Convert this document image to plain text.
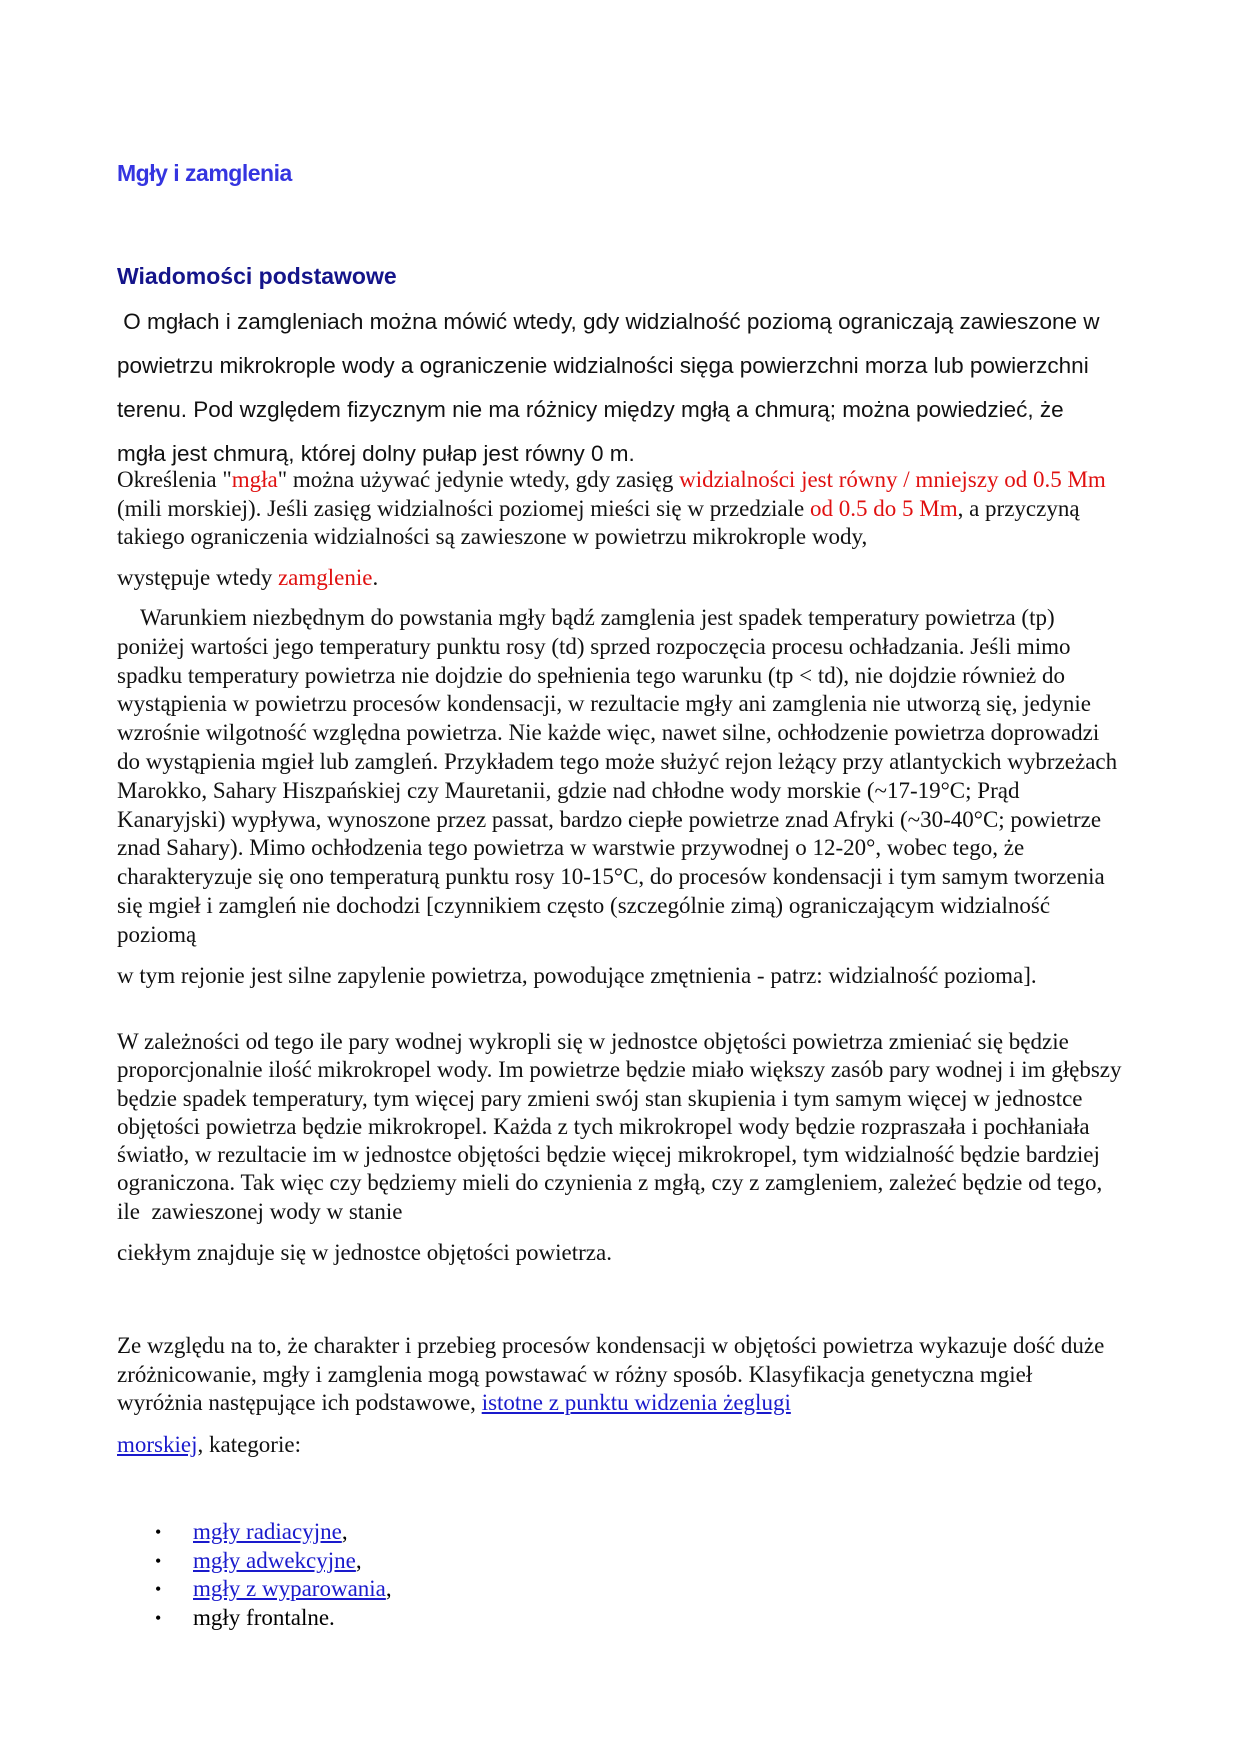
Mgły i zamglenia
Wiadomości podstawowe

O mgłach i zamgleniach można mówić wtedy, gdy widzialność poziomą ograniczają zawieszone w powietrzu mikrokrople wody a ograniczenie widzialności sięga powierzchni morza lub powierzchni terenu. Pod względem fizycznym nie ma różnicy między mgłą a chmurą; można powiedzieć, że mgła jest chmurą, której dolny pułap jest równy 0 m.

Określenia "mgła" można używać jedynie wtedy, gdy zasięg widzialności jest równy / mniejszy od 0.5 Mm (mili morskiej). Jeśli zasięg widzialności poziomej mieści się w przedziale od 0.5 do 5 Mm, a przyczyną takiego ograniczenia widzialności są zawieszone w powietrzu mikrokrople wody,
występuje wtedy zamglenie.

Warunkiem niezbędnym do powstania mgły bądź zamglenia jest spadek temperatury powietrza (tp) poniżej wartości jego temperatury punktu rosy (td) sprzed rozpoczęcia procesu ochładzania. Jeśli mimo spadku temperatury powietrza nie dojdzie do spełnienia tego warunku (tp < td), nie dojdzie również do wystąpienia w powietrzu procesów kondensacji, w rezultacie mgły ani zamglenia nie utworzą się, jedynie wzrośnie wilgotność względna powietrza. Nie każde więc, nawet silne, ochłodzenie powietrza doprowadzi do wystąpienia mgieł lub zamgleń. Przykładem tego może służyć rejon leżący przy atlantyckich wybrzeżach Marokko, Sahary Hiszpańskiej czy Mauretanii, gdzie nad chłodne wody morskie (~17-19°C; Prąd Kanaryjski) wypływa, wynoszone przez passat, bardzo ciepłe powietrze znad Afryki (~30-40°C; powietrze znad Sahary). Mimo ochłodzenia tego powietrza w warstwie przywodnej o 12-20°, wobec tego, że charakteryzuje się ono temperaturą punktu rosy 10-15°C, do procesów kondensacji i tym samym tworzenia się mgieł i zamgleń nie dochodzi [czynnikiem często (szczególnie zimą) ograniczającym widzialność poziomą
w tym rejonie jest silne zapylenie powietrza, powodujące zmętnienia - patrz: widzialność pozioma].

W zależności od tego ile pary wodnej wykropli się w jednostce objętości powietrza zmieniać się będzie proporcjonalnie ilość mikrokropel wody. Im powietrze będzie miało większy zasób pary wodnej i im głębszy będzie spadek temperatury, tym więcej pary zmieni swój stan skupienia i tym samym więcej w jednostce objętości powietrza będzie mikrokropel. Każda z tych mikrokropel wody będzie rozpraszała i pochłaniała światło, w rezultacie im w jednostce objętości będzie więcej mikrokropel, tym widzialność będzie bardziej ograniczona. Tak więc czy będziemy mieli do czynienia z mgłą, czy z zamgleniem, zależeć będzie od tego, ile  zawieszonej wody w stanie
ciekłym znajduje się w jednostce objętości powietrza.

Ze względu na to, że charakter i przebieg procesów kondensacji w objętości powietrza wykazuje dość duże zróżnicowanie, mgły i zamglenia mogą powstawać w różny sposób. Klasyfikacja genetyczna mgieł wyróżnia następujące ich podstawowe, istotne z punktu widzenia żeglugi
morskiej, kategorie:

• mgły radiacyjne,
• mgły adwekcyjne,
• mgły z wyparowania,
• mgły frontalne.
